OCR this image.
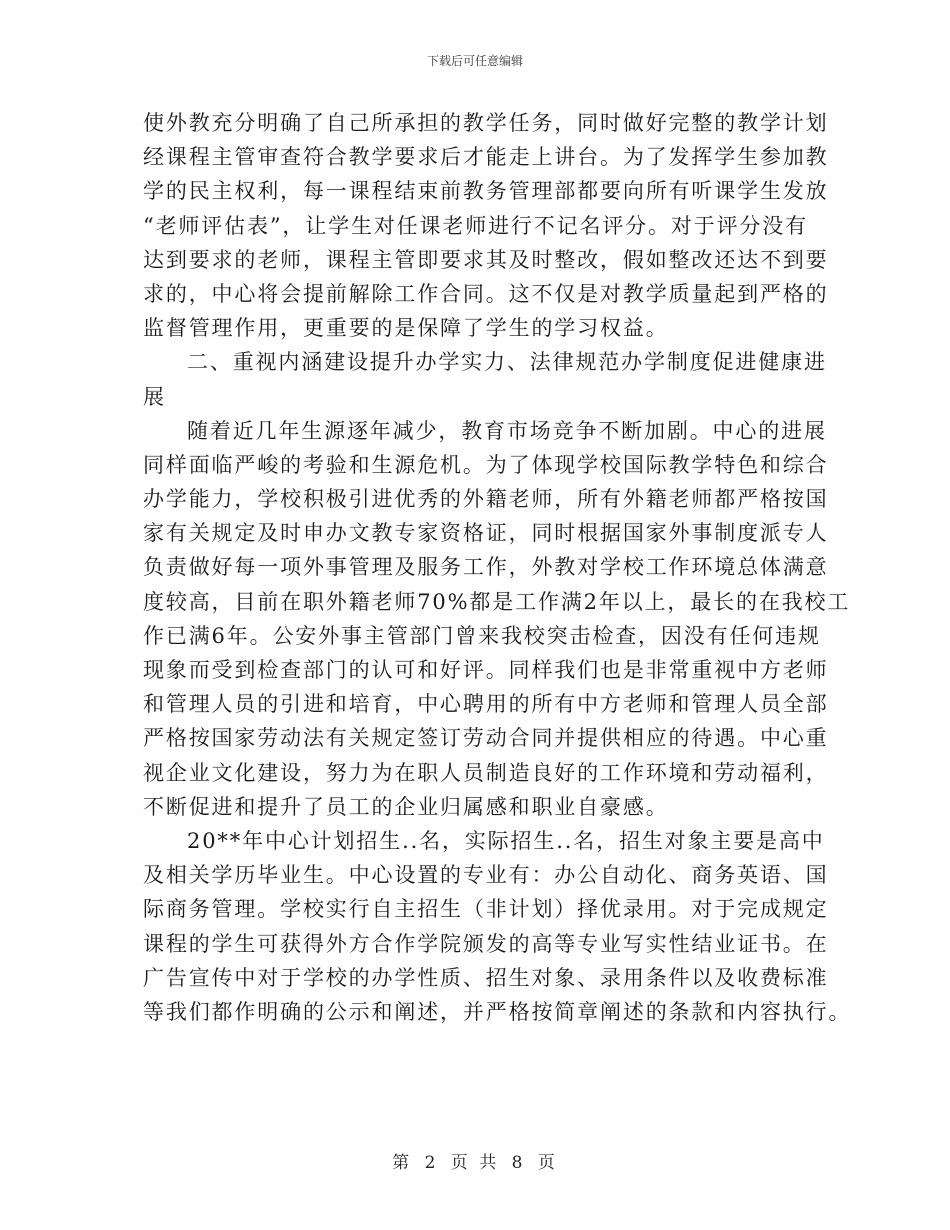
下载后可任意编辑
使外教充分明确了自己所承担的教学任务，同时做好完整的教学计划
经课程主管审查符合教学要求后才能走上讲台。为了发挥学生参加教
学的民主权利，每一课程结束前教务管理部都要向所有听课学生发放
“老师评估表”，让学生对任课老师进行不记名评分。对于评分没有
达到要求的老师，课程主管即要求其及时整改，假如整改还达不到要
求的，中心将会提前解除工作合同。这不仅是对教学质量起到严格的
监督管理作用，更重要的是保障了学生的学习权益。
二、重视内涵建设提升办学实力、法律规范办学制度促进健康进
展
随着近几年生源逐年减少，教育市场竞争不断加剧。中心的进展
同样面临严峻的考验和生源危机。为了体现学校国际教学特色和综合
办学能力，学校积极引进优秀的外籍老师，所有外籍老师都严格按国
家有关规定及时申办文教专家资格证，同时根据国家外事制度派专人
负责做好每一项外事管理及服务工作，外教对学校工作环境总体满意
度较高，目前在职外籍老师70%都是工作满2年以上，最长的在我校工
作已满6年。公安外事主管部门曾来我校突击检查，因没有任何违规
现象而受到检查部门的认可和好评。同样我们也是非常重视中方老师
和管理人员的引进和培育，中心聘用的所有中方老师和管理人员全部
严格按国家劳动法有关规定签订劳动合同并提供相应的待遇。中心重
视企业文化建设，努力为在职人员制造良好的工作环境和劳动福利，
不断促进和提升了员工的企业归属感和职业自豪感。
20**年中心计划招生..名，实际招生..名，招生对象主要是高中
及相关学历毕业生。中心设置的专业有：办公自动化、商务英语、国
际商务管理。学校实行自主招生（非计划）择优录用。对于完成规定
课程的学生可获得外方合作学院颁发的高等专业写实性结业证书。在
广告宣传中对于学校的办学性质、招生对象、录用条件以及收费标准
等我们都作明确的公示和阐述，并严格按简章阐述的条款和内容执行。
第 2 页 共 8 页
